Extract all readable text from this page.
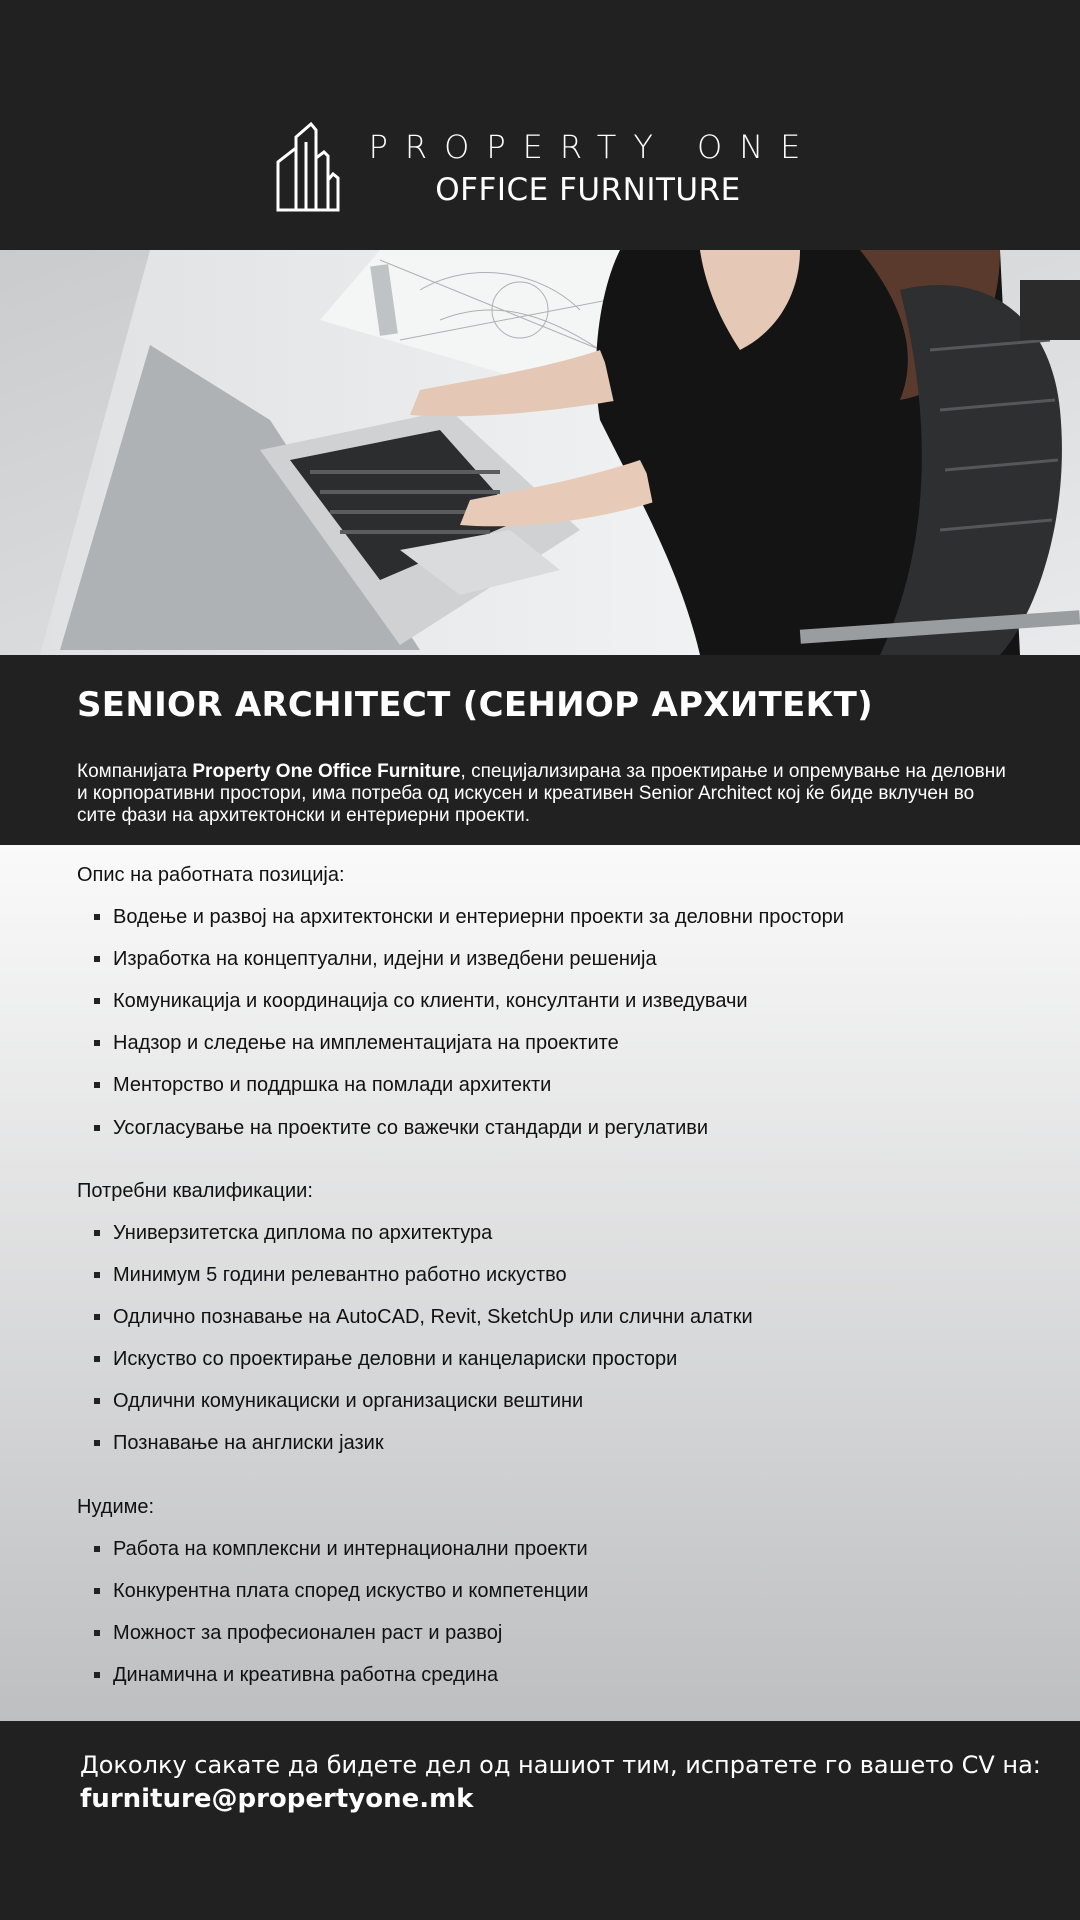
PROPERTY ONE
OFFICE FURNITURE
SENIOR ARCHITECT (СЕНИОР АРХИТЕКТ)

Компанијата Property One Office Furniture, специјализирана за проектирање и опремување на деловни и корпоративни простори, има потреба од искусен и креативен Senior Architect кој ќе биде вклучен во сите фази на архитектонски и ентериерни проекти.

Опис на работната позиција:
Водење и развој на архитектонски и ентериерни проекти за деловни простори
Изработка на концептуални, идејни и изведбени решенија
Комуникација и координација со клиенти, консултанти и изведувачи
Надзор и следење на имплементацијата на проектите
Менторство и поддршка на помлади архитекти
Усогласување на проектите со важечки стандарди и регулативи
Потребни квалификации:
Универзитетска диплома по архитектура
Минимум 5 години релевантно работно искуство
Одлично познавање на AutoCAD, Revit, SketchUp или слични алатки
Искуство со проектирање деловни и канцелариски простори
Одлични комуникациски и организациски вештини
Познавање на англиски јазик
Нудиме:
Работа на комплексни и интернационални проекти
Конкурентна плата според искуство и компетенции
Можност за професионален раст и развој
Динамична и креативна работна средина

Доколку сакате да бидете дел од нашиот тим, испратете го вашето CV на:

furniture@propertyone.mk
